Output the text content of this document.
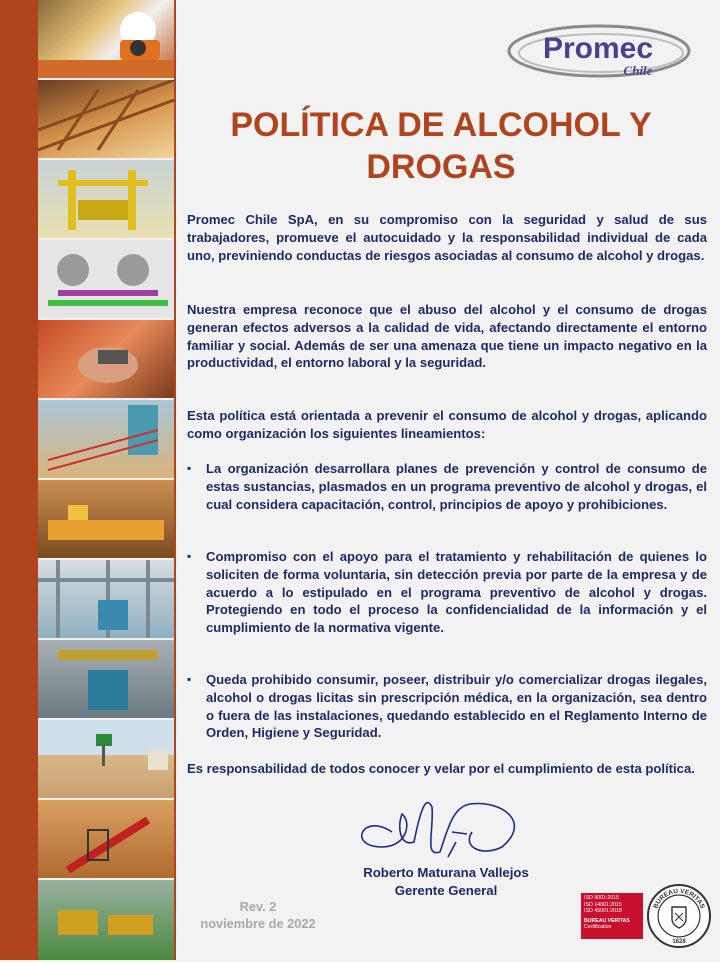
Promec
Chile
POLÍTICA DE ALCOHOL Y DROGAS

Promec Chile SpA, en su compromiso con la seguridad y salud de sus trabajadores, promueve el autocuidado y la responsabilidad individual de cada uno, previniendo conductas de riesgos asociadas al consumo de alcohol y drogas.

Nuestra empresa reconoce que el abuso del alcohol y el consumo de drogas generan efectos adversos a la calidad de vida, afectando directamente el entorno familiar y social. Además de ser una amenaza que tiene un impacto negativo en la productividad, el entorno laboral y la seguridad.

Esta política está orientada a prevenir el consumo de alcohol y drogas, aplicando como organización los siguientes lineamientos:

▪ La organización desarrollara planes de prevención y control de consumo de estas sustancias, plasmados en un programa preventivo de alcohol y drogas, el cual considera capacitación, control, principios de apoyo y prohibiciones.

▪ Compromiso con el apoyo para el tratamiento y rehabilitación de quienes lo soliciten de forma voluntaria, sin detección previa por parte de la empresa y de acuerdo a lo estipulado en el programa preventivo de alcohol y drogas. Protegiendo en todo el proceso la confidencialidad de la información y el cumplimiento de la normativa vigente.

▪ Queda prohibido consumir, poseer, distribuir y/o comercializar drogas ilegales, alcohol o drogas licitas sin prescripción médica, en la organización, sea dentro o fuera de las instalaciones, quedando establecido en el Reglamento Interno de Orden, Higiene y Seguridad.

Es responsabilidad de todos conocer y velar por el cumplimiento de esta política.

Roberto Maturana Vallejos
Gerente General
Rev. 2
noviembre de 2022
ISO 9001:2015
ISO 14001:2015
ISO 45001:2018
BUREAU VERITAS
Certification
BUREAU VERITAS
1828
